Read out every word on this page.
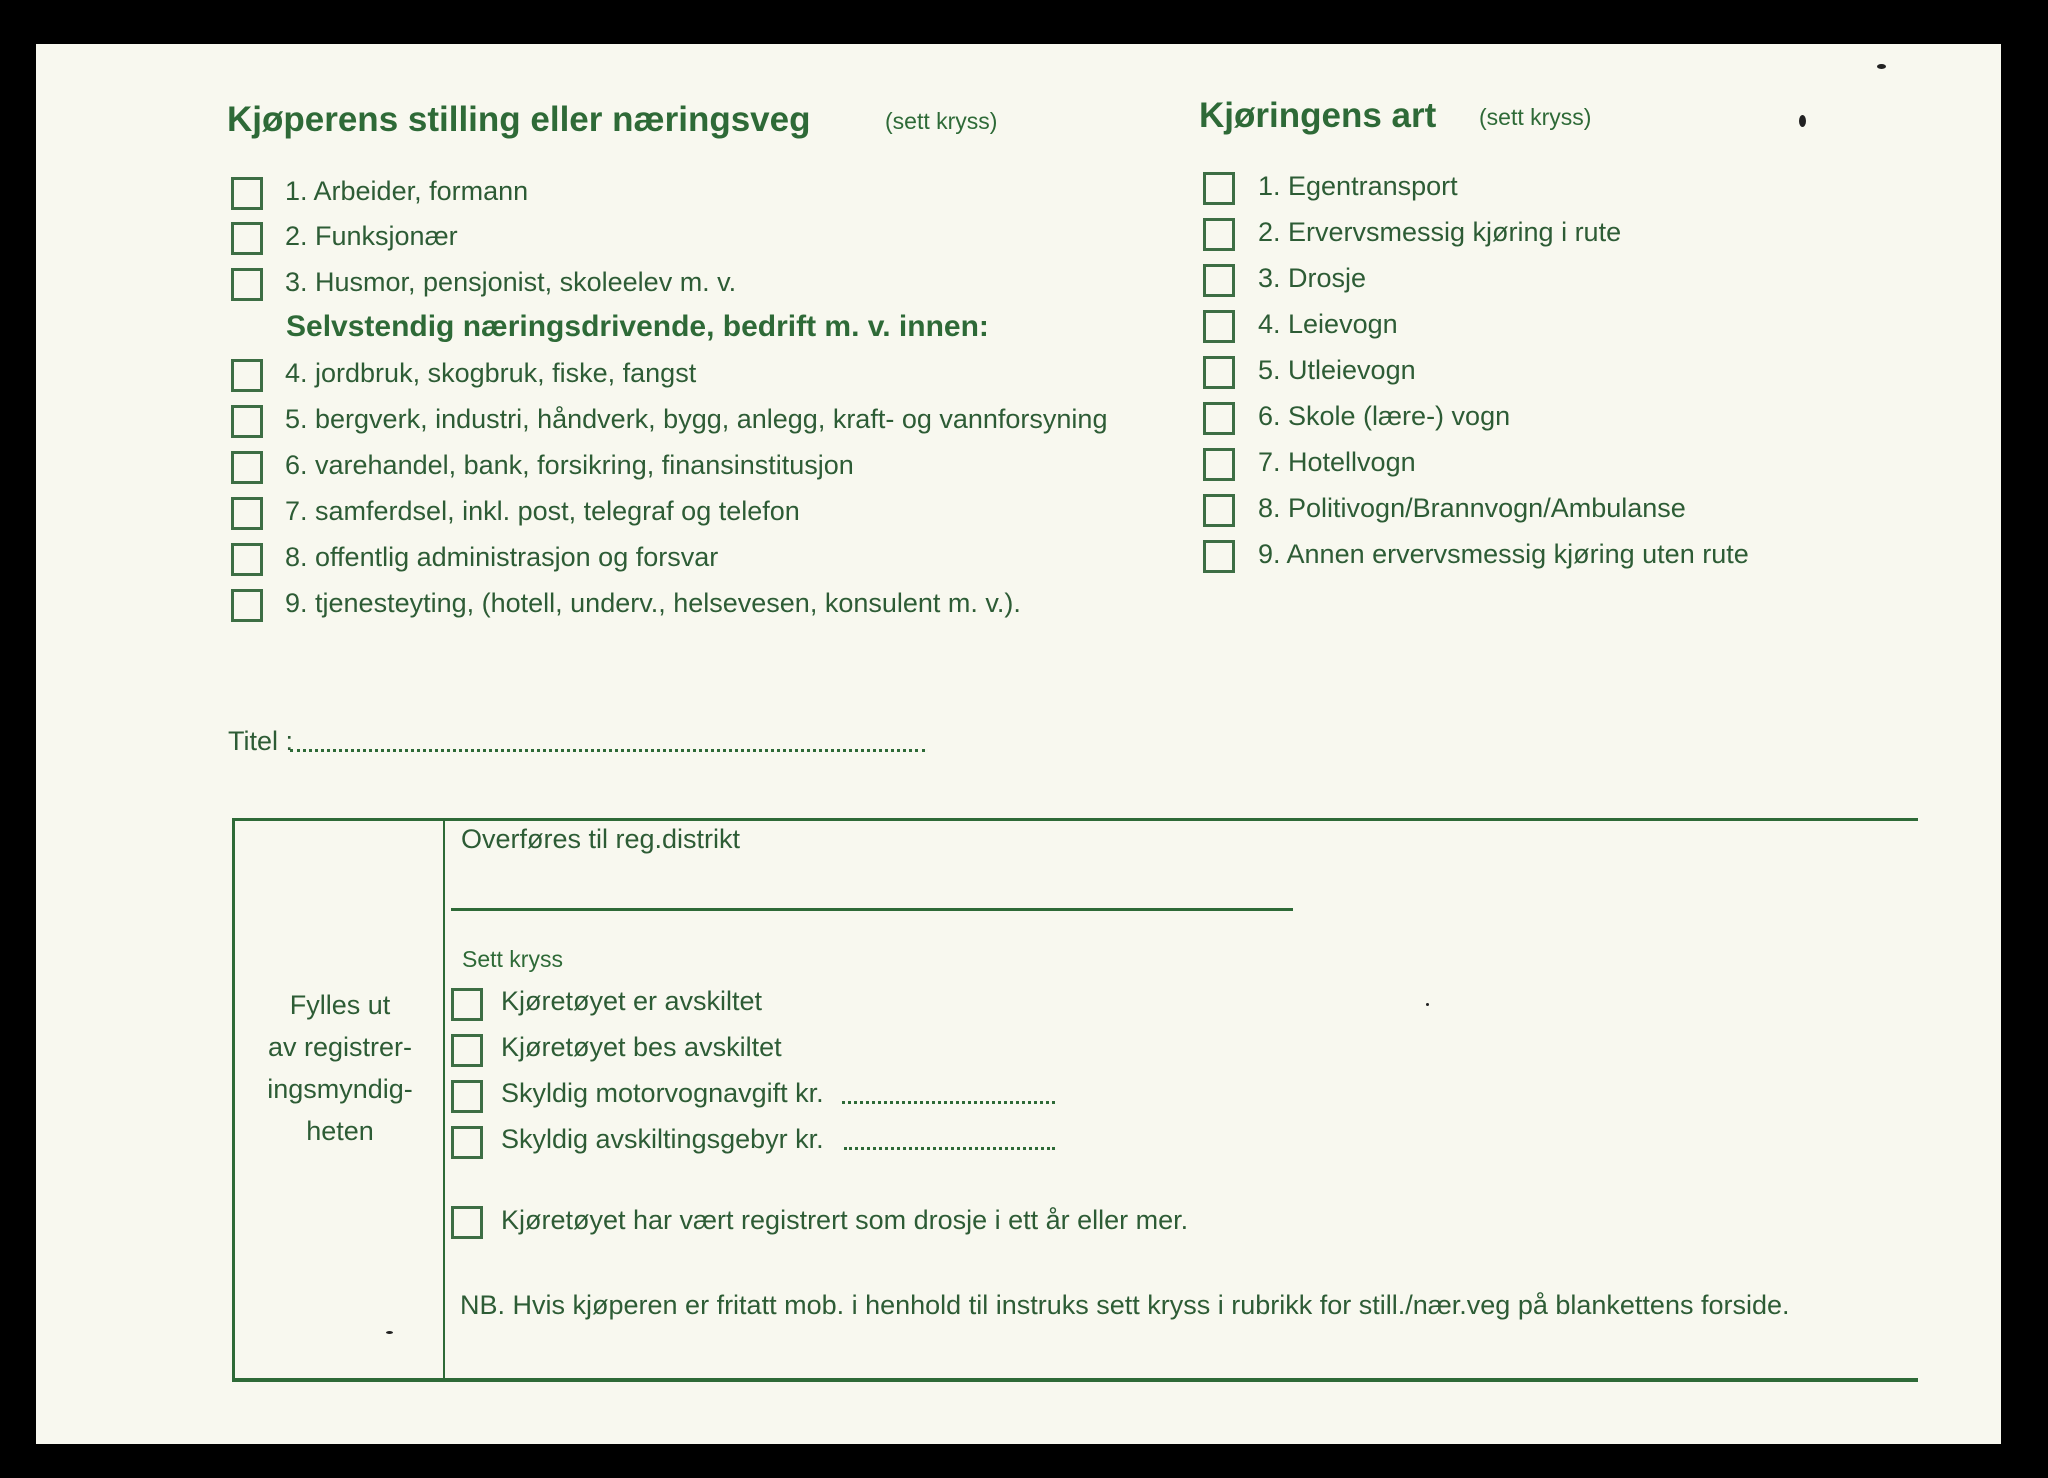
Kjøperens stilling eller næringsveg	(sett kryss)
1. Arbeider, formann
2. Funksjonær
3. Husmor, pensjonist, skoleelev m. v.
Selvstendig næringsdrivende, bedrift m. v. innen:
4. jordbruk, skogbruk, fiske, fangst
5. bergverk, industri, håndverk, bygg, anlegg, kraft- og vannforsyning
6. varehandel, bank, forsikring, finansinstitusjon
7. samferdsel, inkl. post, telegraf og telefon
8. offentlig administrasjon og forsvar
9. tjenesteyting, (hotell, underv., helsevesen, konsulent m. v.).
Kjøringens art (sett kryss)
1. Egentransport
2. Ervervsmessig kjøring i rute
3. Drosje
4. Leievogn
5. Utleievogn
6. Skole (lære-) vogn
7. Hotellvogn
8. Politivogn/Brannvogn/Ambulanse
9. Annen ervervsmessig kjøring uten rute
Titel :
Fylles ut
av registrer-
ingsmyndig-
heten
Overføres til reg.distrikt
Sett kryss
Kjøretøyet er avskiltet
Kjøretøyet bes avskiltet
Skyldig motorvognavgift kr.
Skyldig avskiltingsgebyr kr.
Kjøretøyet har vært registrert som drosje i ett år eller mer.
NB. Hvis kjøperen er fritatt mob. i henhold til instruks sett kryss i rubrikk for still./nær.veg på blankettens forside.
